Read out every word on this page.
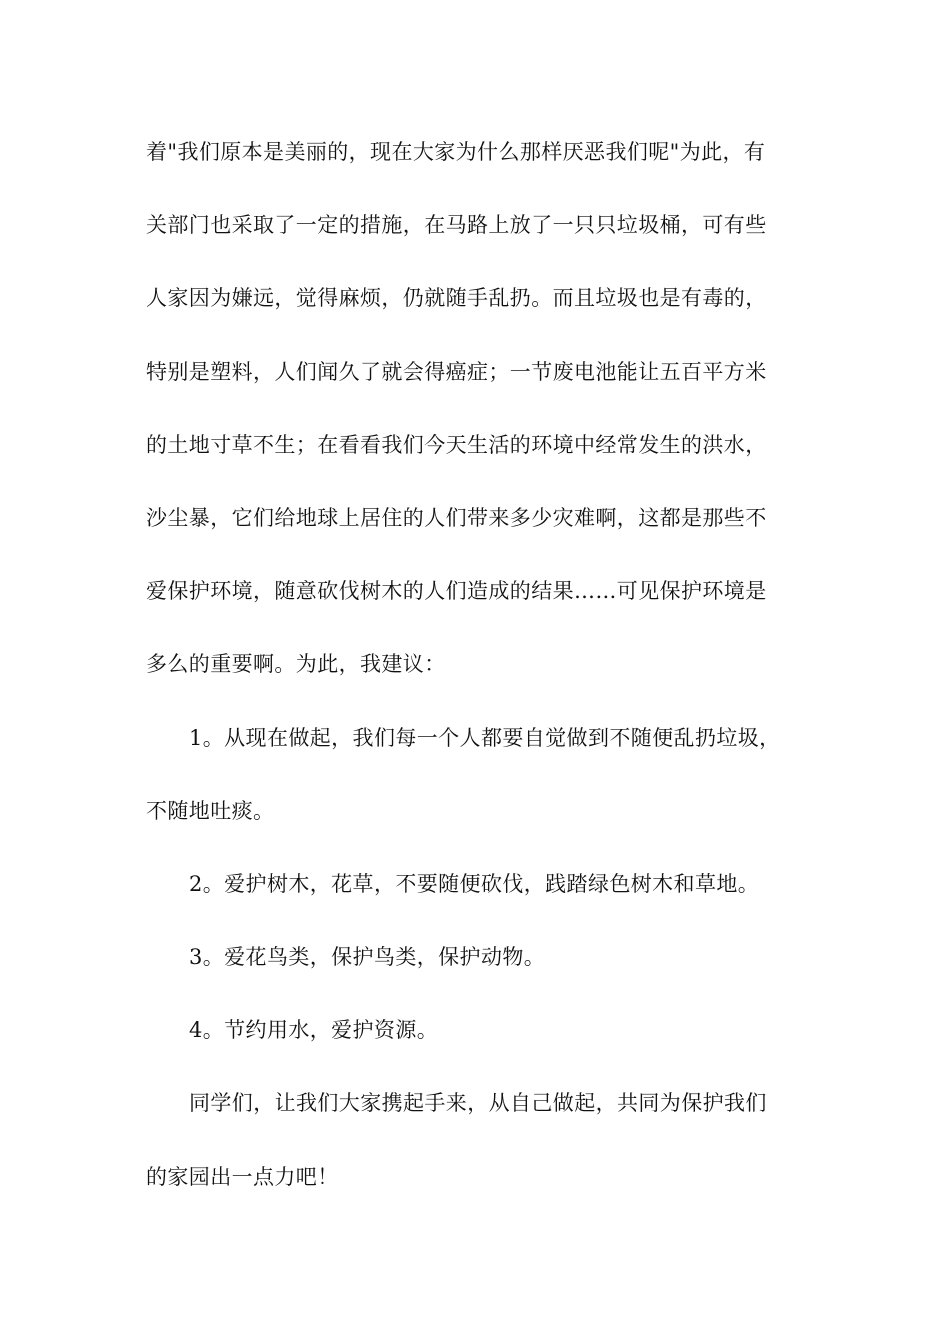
着"我们原本是美丽的，现在大家为什么那样厌恶我们呢"为此，有
关部门也采取了一定的措施，在马路上放了一只只垃圾桶，可有些
人家因为嫌远，觉得麻烦，仍就随手乱扔。而且垃圾也是有毒的，
特别是塑料，人们闻久了就会得癌症；一节废电池能让五百平方米
的土地寸草不生；在看看我们今天生活的环境中经常发生的洪水，
沙尘暴，它们给地球上居住的人们带来多少灾难啊，这都是那些不
爱保护环境，随意砍伐树木的人们造成的结果……可见保护环境是
多么的重要啊。为此，我建议：
1。从现在做起，我们每一个人都要自觉做到不随便乱扔垃圾，
不随地吐痰。
2。爱护树木，花草，不要随便砍伐，践踏绿色树木和草地。
3。爱花鸟类，保护鸟类，保护动物。
4。节约用水，爱护资源。
同学们，让我们大家携起手来，从自己做起，共同为保护我们
的家园出一点力吧！
